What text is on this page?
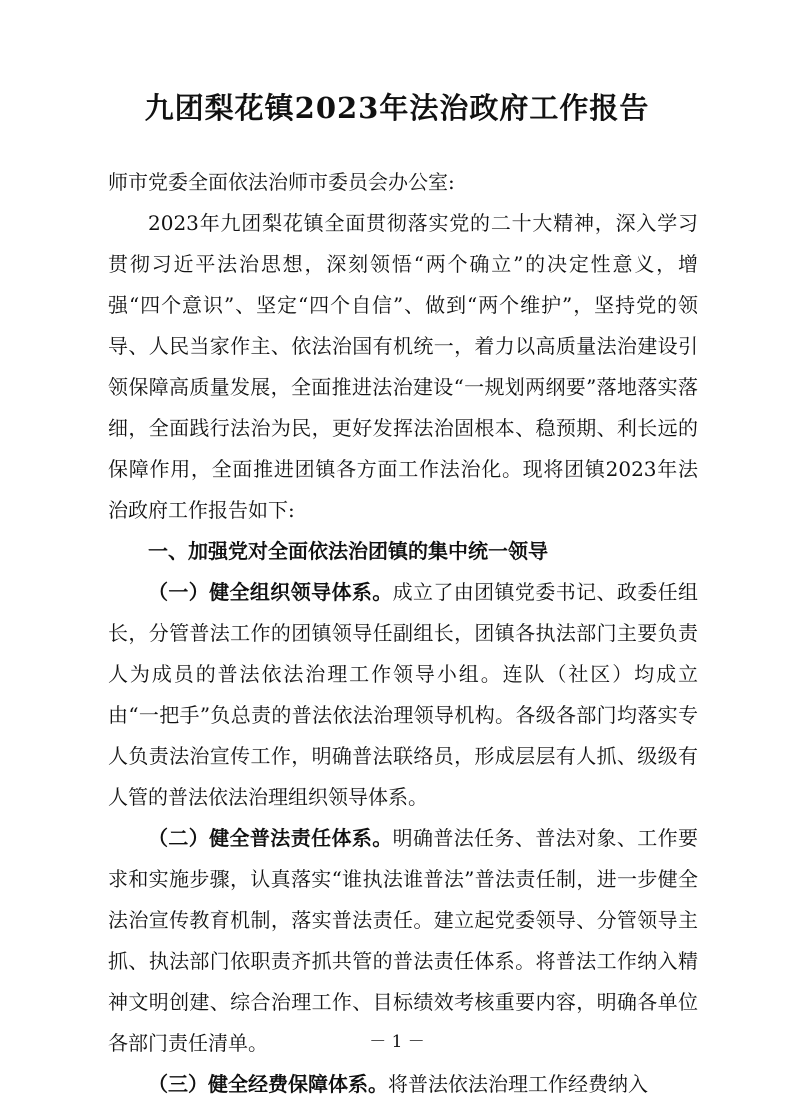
九团梨花镇2023年法治政府工作报告

师市党委全面依法治师市委员会办公室:

2023年九团梨花镇全面贯彻落实党的二十大精神，深入学习贯彻习近平法治思想，深刻领悟“两个确立”的决定性意义，增强“四个意识”、坚定“四个自信”、做到“两个维护”，坚持党的领导、人民当家作主、依法治国有机统一，着力以高质量法治建设引领保障高质量发展，全面推进法治建设“一规划两纲要”落地落实落细，全面践行法治为民，更好发挥法治固根本、稳预期、利长远的保障作用，全面推进团镇各方面工作法治化。现将团镇2023年法治政府工作报告如下:

一、加强党对全面依法治团镇的集中统一领导

（一）健全组织领导体系。成立了由团镇党委书记、政委任组长，分管普法工作的团镇领导任副组长，团镇各执法部门主要负责人为成员的普法依法治理工作领导小组。连队（社区）均成立由“一把手”负总责的普法依法治理领导机构。各级各部门均落实专人负责法治宣传工作，明确普法联络员，形成层层有人抓、级级有人管的普法依法治理组织领导体系。

（二）健全普法责任体系。明确普法任务、普法对象、工作要求和实施步骤，认真落实“谁执法谁普法”普法责任制，进一步健全法治宣传教育机制，落实普法责任。建立起党委领导、分管领导主抓、执法部门依职责齐抓共管的普法责任体系。将普法工作纳入精神文明创建、综合治理工作、目标绩效考核重要内容，明确各单位各部门责任清单。

（三）健全经费保障体系。将普法依法治理工作经费纳入

－ 1 －
